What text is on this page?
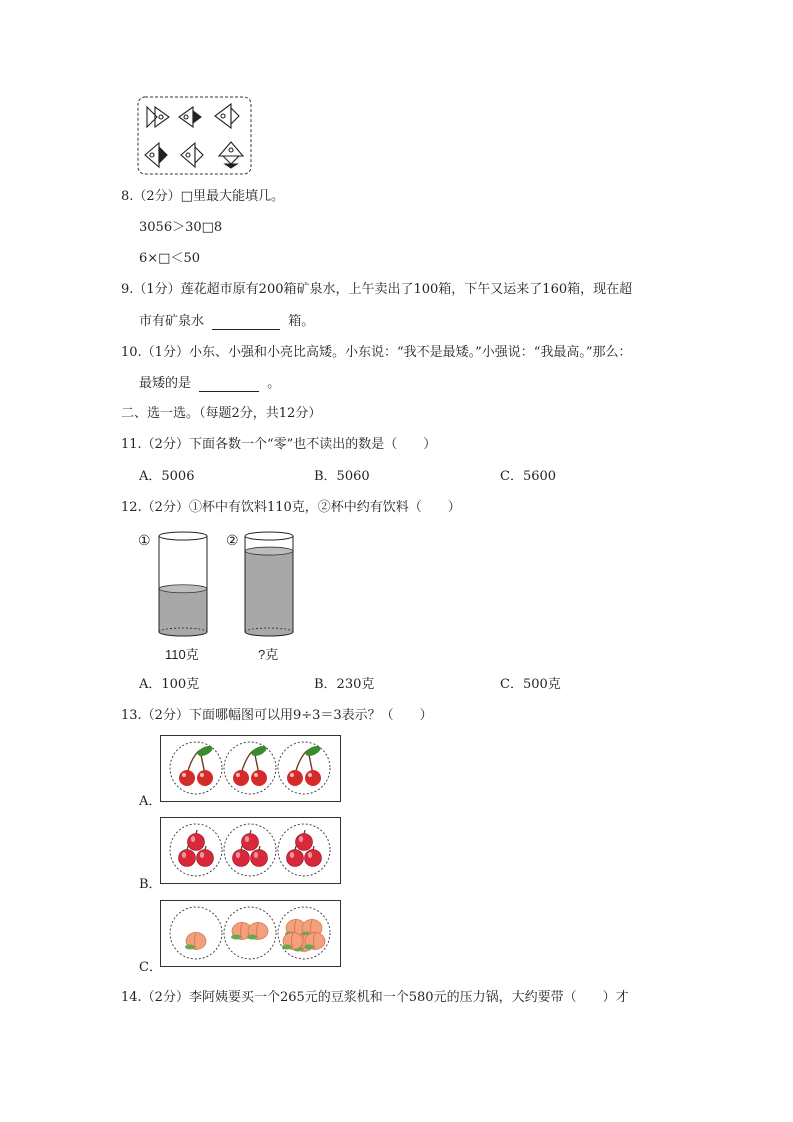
8.（2分）□里最大能填几。
3056＞30□8
6×□＜50
9.（1分）莲花超市原有200箱矿泉水，上午卖出了100箱，下午又运来了160箱，现在超
市有矿泉水	箱。
10.（1分）小东、小强和小亮比高矮。小东说：“我不是最矮。”小强说：“我最高。”那么：
最矮的是	。
二、选一选。（每题2分，共12分）
11.（2分）下面各数一个“零”也不读出的数是（　　）
A．5006	B．5060	C．5600
12.（2分）①杯中有饮料110克，②杯中约有饮料（　　）
①	②
110克	?克
A．100克	B．230克	C．500克
13.（2分）下面哪幅图可以用9÷3＝3表示？（　　）
A．
B．
C．
14.（2分）李阿姨要买一个265元的豆浆机和一个580元的压力锅，大约要带（　　）才
